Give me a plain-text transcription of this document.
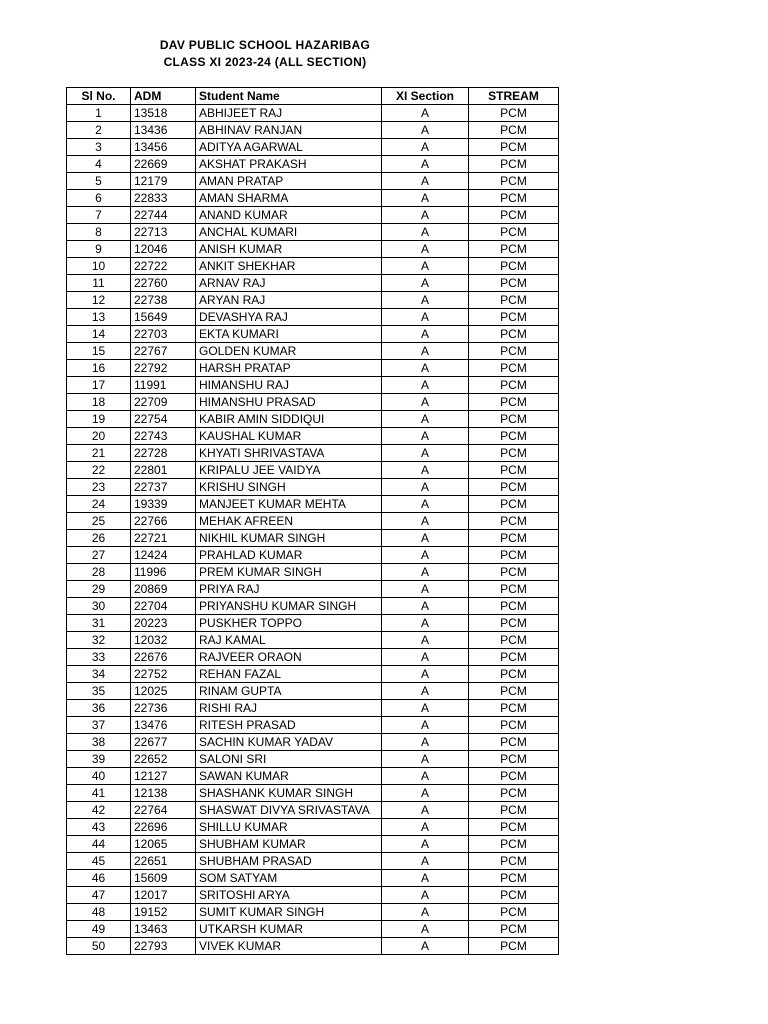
DAV PUBLIC SCHOOL HAZARIBAG
CLASS XI 2023-24 (ALL SECTION)
Sl No.	ADM	Student Name	XI Section	STREAM
1	13518	ABHIJEET RAJ	A	PCM
2	13436	ABHINAV RANJAN	A	PCM
3	13456	ADITYA AGARWAL	A	PCM
4	22669	AKSHAT PRAKASH	A	PCM
5	12179	AMAN PRATAP	A	PCM
6	22833	AMAN SHARMA	A	PCM
7	22744	ANAND KUMAR	A	PCM
8	22713	ANCHAL KUMARI	A	PCM
9	12046	ANISH KUMAR	A	PCM
10	22722	ANKIT SHEKHAR	A	PCM
11	22760	ARNAV RAJ	A	PCM
12	22738	ARYAN RAJ	A	PCM
13	15649	DEVASHYA RAJ	A	PCM
14	22703	EKTA KUMARI	A	PCM
15	22767	GOLDEN KUMAR	A	PCM
16	22792	HARSH PRATAP	A	PCM
17	11991	HIMANSHU RAJ	A	PCM
18	22709	HIMANSHU PRASAD	A	PCM
19	22754	KABIR AMIN SIDDIQUI	A	PCM
20	22743	KAUSHAL KUMAR	A	PCM
21	22728	KHYATI SHRIVASTAVA	A	PCM
22	22801	KRIPALU JEE VAIDYA	A	PCM
23	22737	KRISHU SINGH	A	PCM
24	19339	MANJEET KUMAR MEHTA	A	PCM
25	22766	MEHAK AFREEN	A	PCM
26	22721	NIKHIL KUMAR SINGH	A	PCM
27	12424	PRAHLAD KUMAR	A	PCM
28	11996	PREM KUMAR SINGH	A	PCM
29	20869	PRIYA RAJ	A	PCM
30	22704	PRIYANSHU KUMAR SINGH	A	PCM
31	20223	PUSKHER TOPPO	A	PCM
32	12032	RAJ KAMAL	A	PCM
33	22676	RAJVEER ORAON	A	PCM
34	22752	REHAN FAZAL	A	PCM
35	12025	RINAM GUPTA	A	PCM
36	22736	RISHI RAJ	A	PCM
37	13476	RITESH PRASAD	A	PCM
38	22677	SACHIN KUMAR YADAV	A	PCM
39	22652	SALONI SRI	A	PCM
40	12127	SAWAN KUMAR	A	PCM
41	12138	SHASHANK KUMAR SINGH	A	PCM
42	22764	SHASWAT DIVYA SRIVASTAVA	A	PCM
43	22696	SHILLU KUMAR	A	PCM
44	12065	SHUBHAM KUMAR	A	PCM
45	22651	SHUBHAM PRASAD	A	PCM
46	15609	SOM SATYAM	A	PCM
47	12017	SRITOSHI ARYA	A	PCM
48	19152	SUMIT KUMAR SINGH	A	PCM
49	13463	UTKARSH KUMAR	A	PCM
50	22793	VIVEK KUMAR	A	PCM
